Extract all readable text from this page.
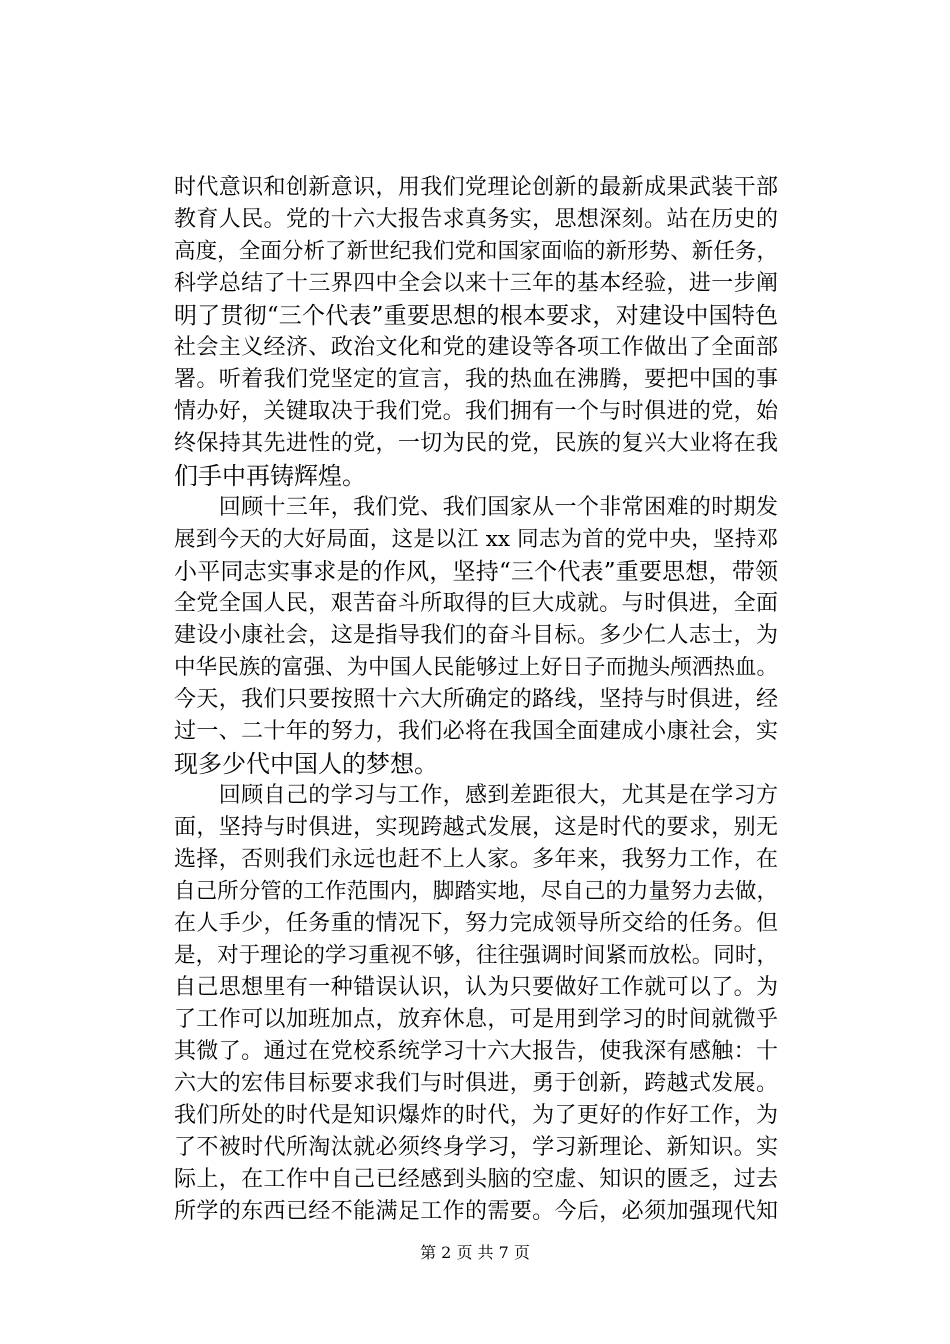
时代意识和创新意识，用我们党理论创新的最新成果武装干部
教育人民。党的十六大报告求真务实，思想深刻。站在历史的
高度，全面分析了新世纪我们党和国家面临的新形势、新任务，
科学总结了十三界四中全会以来十三年的基本经验，进一步阐
明了贯彻“三个代表”重要思想的根本要求，对建设中国特色
社会主义经济、政治文化和党的建设等各项工作做出了全面部
署。听着我们党坚定的宣言，我的热血在沸腾，要把中国的事
情办好，关键取决于我们党。我们拥有一个与时俱进的党，始
终保持其先进性的党，一切为民的党，民族的复兴大业将在我
们手中再铸辉煌。
　　回顾十三年，我们党、我们国家从一个非常困难的时期发
展到今天的大好局面，这是以江 xx 同志为首的党中央，坚持邓
小平同志实事求是的作风，坚持“三个代表”重要思想，带领
全党全国人民，艰苦奋斗所取得的巨大成就。与时俱进，全面
建设小康社会，这是指导我们的奋斗目标。多少仁人志士，为
中华民族的富强、为中国人民能够过上好日子而抛头颅洒热血。
今天，我们只要按照十六大所确定的路线，坚持与时俱进，经
过一、二十年的努力，我们必将在我国全面建成小康社会，实
现多少代中国人的梦想。
　　回顾自己的学习与工作，感到差距很大，尤其是在学习方
面，坚持与时俱进，实现跨越式发展，这是时代的要求，别无
选择，否则我们永远也赶不上人家。多年来，我努力工作，在
自己所分管的工作范围内，脚踏实地，尽自己的力量努力去做，
在人手少，任务重的情况下，努力完成领导所交给的任务。但
是，对于理论的学习重视不够，往往强调时间紧而放松。同时，
自己思想里有一种错误认识，认为只要做好工作就可以了。为
了工作可以加班加点，放弃休息，可是用到学习的时间就微乎
其微了。通过在党校系统学习十六大报告，使我深有感触：十
六大的宏伟目标要求我们与时俱进，勇于创新，跨越式发展。
我们所处的时代是知识爆炸的时代，为了更好的作好工作，为
了不被时代所淘汰就必须终身学习，学习新理论、新知识。实
际上，在工作中自己已经感到头脑的空虚、知识的匮乏，过去
所学的东西已经不能满足工作的需要。今后，必须加强现代知
第 2 页 共 7 页
